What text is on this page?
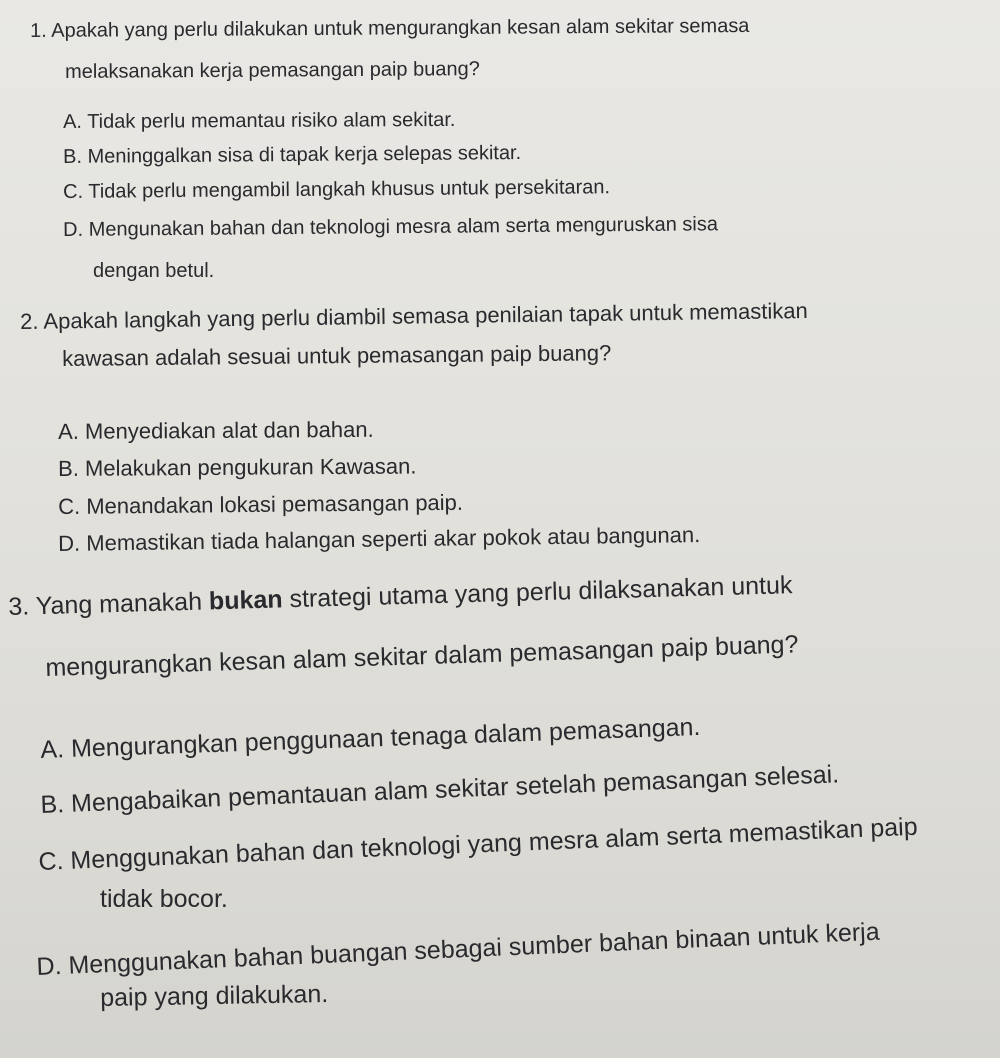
1. Apakah yang perlu dilakukan untuk mengurangkan kesan alam sekitar semasa
melaksanakan kerja pemasangan paip buang?
A. Tidak perlu memantau risiko alam sekitar.
B. Meninggalkan sisa di tapak kerja selepas sekitar.
C. Tidak perlu mengambil langkah khusus untuk persekitaran.
D. Mengunakan bahan dan teknologi mesra alam serta menguruskan sisa
dengan betul.
2. Apakah langkah yang perlu diambil semasa penilaian tapak untuk memastikan
kawasan adalah sesuai untuk pemasangan paip buang?
A. Menyediakan alat dan bahan.
B. Melakukan pengukuran Kawasan.
C. Menandakan lokasi pemasangan paip.
D. Memastikan tiada halangan seperti akar pokok atau bangunan.
3. Yang manakah bukan strategi utama yang perlu dilaksanakan untuk
mengurangkan kesan alam sekitar dalam pemasangan paip buang?
A. Mengurangkan penggunaan tenaga dalam pemasangan.
B. Mengabaikan pemantauan alam sekitar setelah pemasangan selesai.
C. Menggunakan bahan dan teknologi yang mesra alam serta memastikan paip
tidak bocor.
D. Menggunakan bahan buangan sebagai sumber bahan binaan untuk kerja
paip yang dilakukan.
